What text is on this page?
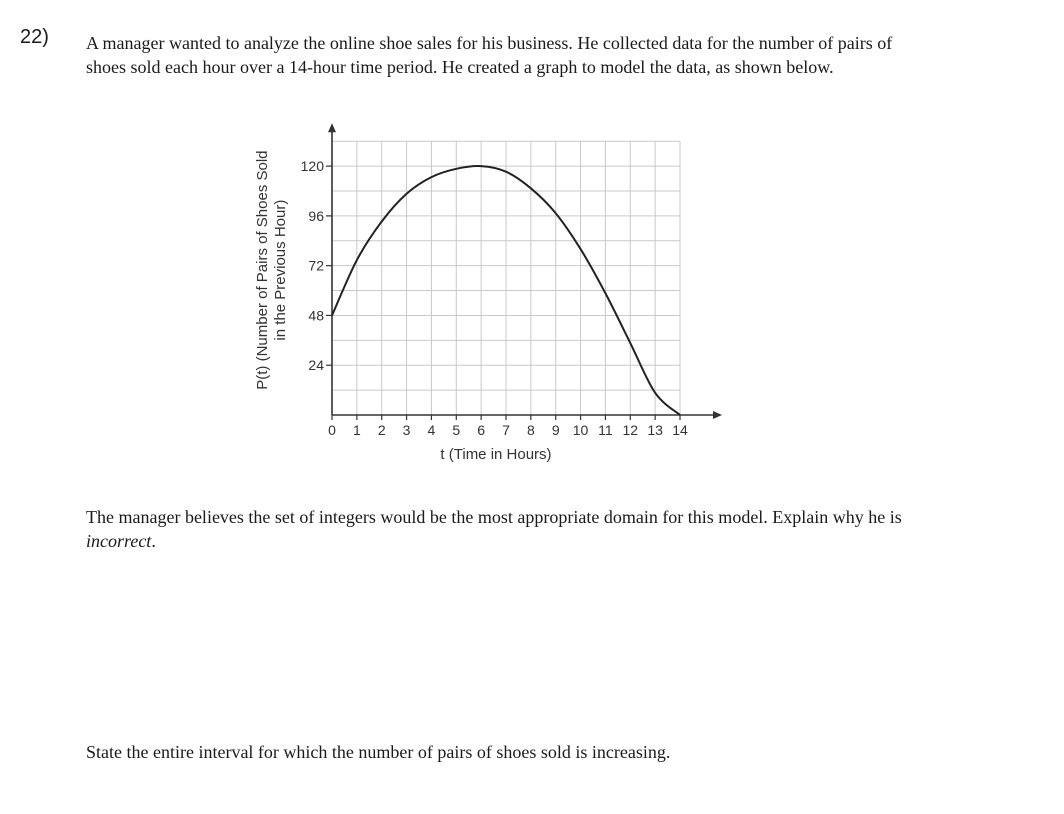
22) A manager wanted to analyze the online shoe sales for his business. He collected data for the number of pairs of shoes sold each hour over a 14-hour time period. He created a graph to model the data, as shown below.
0 1 2 3 4 5 6 7 8 9 10 11 12 13 14
24
48
72
96
120
t (Time in Hours)
P(t) (Number of Pairs of Shoes Sold in the Previous Hour)
The manager believes the set of integers would be the most appropriate domain for this model. Explain why he is incorrect.
State the entire interval for which the number of pairs of shoes sold is increasing.
